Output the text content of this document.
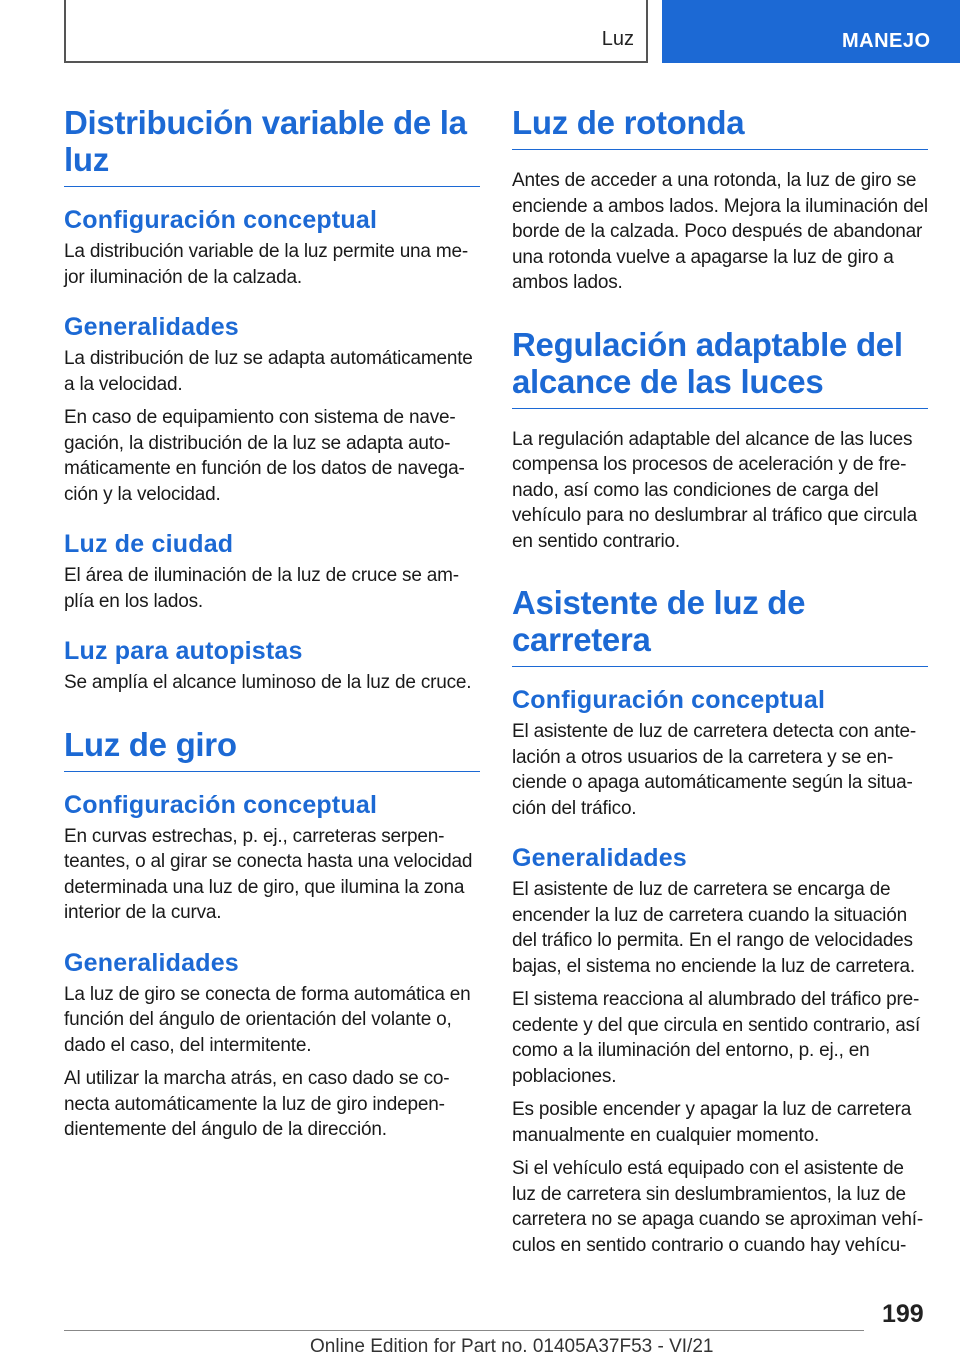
Luz	MANEJO
Distribución variable de la luz
Configuración conceptual

La distribución variable de la luz permite una mejor iluminación de la calzada.

Generalidades

La distribución de luz se adapta automáticamente a la velocidad.

En caso de equipamiento con sistema de navegación, la distribución de la luz se adapta automáticamente en función de los datos de navegación y la velocidad.

Luz de ciudad

El área de iluminación de la luz de cruce se amplía en los lados.

Luz para autopistas

Se amplía el alcance luminoso de la luz de cruce.

Luz de giro
Configuración conceptual

En curvas estrechas, p. ej., carreteras serpenteantes, o al girar se conecta hasta una velocidad determinada una luz de giro, que ilumina la zona interior de la curva.

Generalidades

La luz de giro se conecta de forma automática en función del ángulo de orientación del volante o, dado el caso, del intermitente.

Al utilizar la marcha atrás, en caso dado se conecta automáticamente la luz de giro independientemente del ángulo de la dirección.

Luz de rotonda

Antes de acceder a una rotonda, la luz de giro se enciende a ambos lados. Mejora la iluminación del borde de la calzada. Poco después de abandonar una rotonda vuelve a apagarse la luz de giro a ambos lados.

Regulación adaptable del alcance de las luces

La regulación adaptable del alcance de las luces compensa los procesos de aceleración y de frenado, así como las condiciones de carga del vehículo para no deslumbrar al tráfico que circula en sentido contrario.

Asistente de luz de carretera
Configuración conceptual

El asistente de luz de carretera detecta con antelación a otros usuarios de la carretera y se enciende o apaga automáticamente según la situación del tráfico.

Generalidades

El asistente de luz de carretera se encarga de encender la luz de carretera cuando la situación del tráfico lo permita. En el rango de velocidades bajas, el sistema no enciende la luz de carretera.

El sistema reacciona al alumbrado del tráfico precedente y del que circula en sentido contrario, así como a la iluminación del entorno, p. ej., en poblaciones.

Es posible encender y apagar la luz de carretera manualmente en cualquier momento.

Si el vehículo está equipado con el asistente de luz de carretera sin deslumbramientos, la luz de carretera no se apaga cuando se aproximan vehículos en sentido contrario o cuando hay vehícu-

199
Online Edition for Part no. 01405A37F53 - VI/21
